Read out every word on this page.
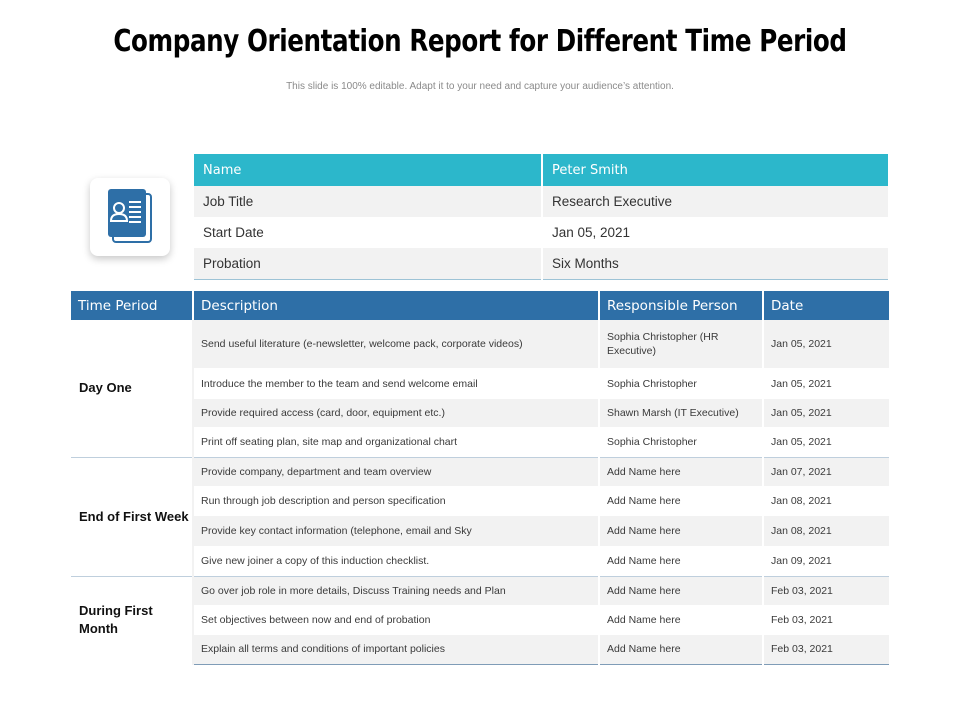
Company Orientation Report for Different Time Period
This slide is 100% editable. Adapt it to your need and capture your audience’s attention.
Name	Peter Smith
Job Title	Research Executive
Start Date	Jan 05, 2021
Probation	Six Months
Time Period	Description	Responsible Person	Date
Day One	Send useful literature (e-newsletter, welcome pack, corporate videos)	Sophia Christopher (HR Executive)	Jan 05, 2021
	Introduce the member to the team and send welcome email	Sophia Christopher	Jan 05, 2021
	Provide required access (card, door, equipment etc.)	Shawn Marsh (IT Executive)	Jan 05, 2021
	Print off seating plan, site map and organizational chart	Sophia Christopher	Jan 05, 2021
End of First Week	Provide company, department and team overview	Add Name here	Jan 07, 2021
	Run through job description and person specification	Add Name here	Jan 08, 2021
	Provide key contact information (telephone, email and Sky	Add Name here	Jan 08, 2021
	Give new joiner a copy of this induction checklist.	Add Name here	Jan 09, 2021
During First Month	Go over job role in more details, Discuss Training needs and Plan	Add Name here	Feb 03, 2021
	Set objectives between now and end of probation	Add Name here	Feb 03, 2021
	Explain all terms and conditions of important policies	Add Name here	Feb 03, 2021
